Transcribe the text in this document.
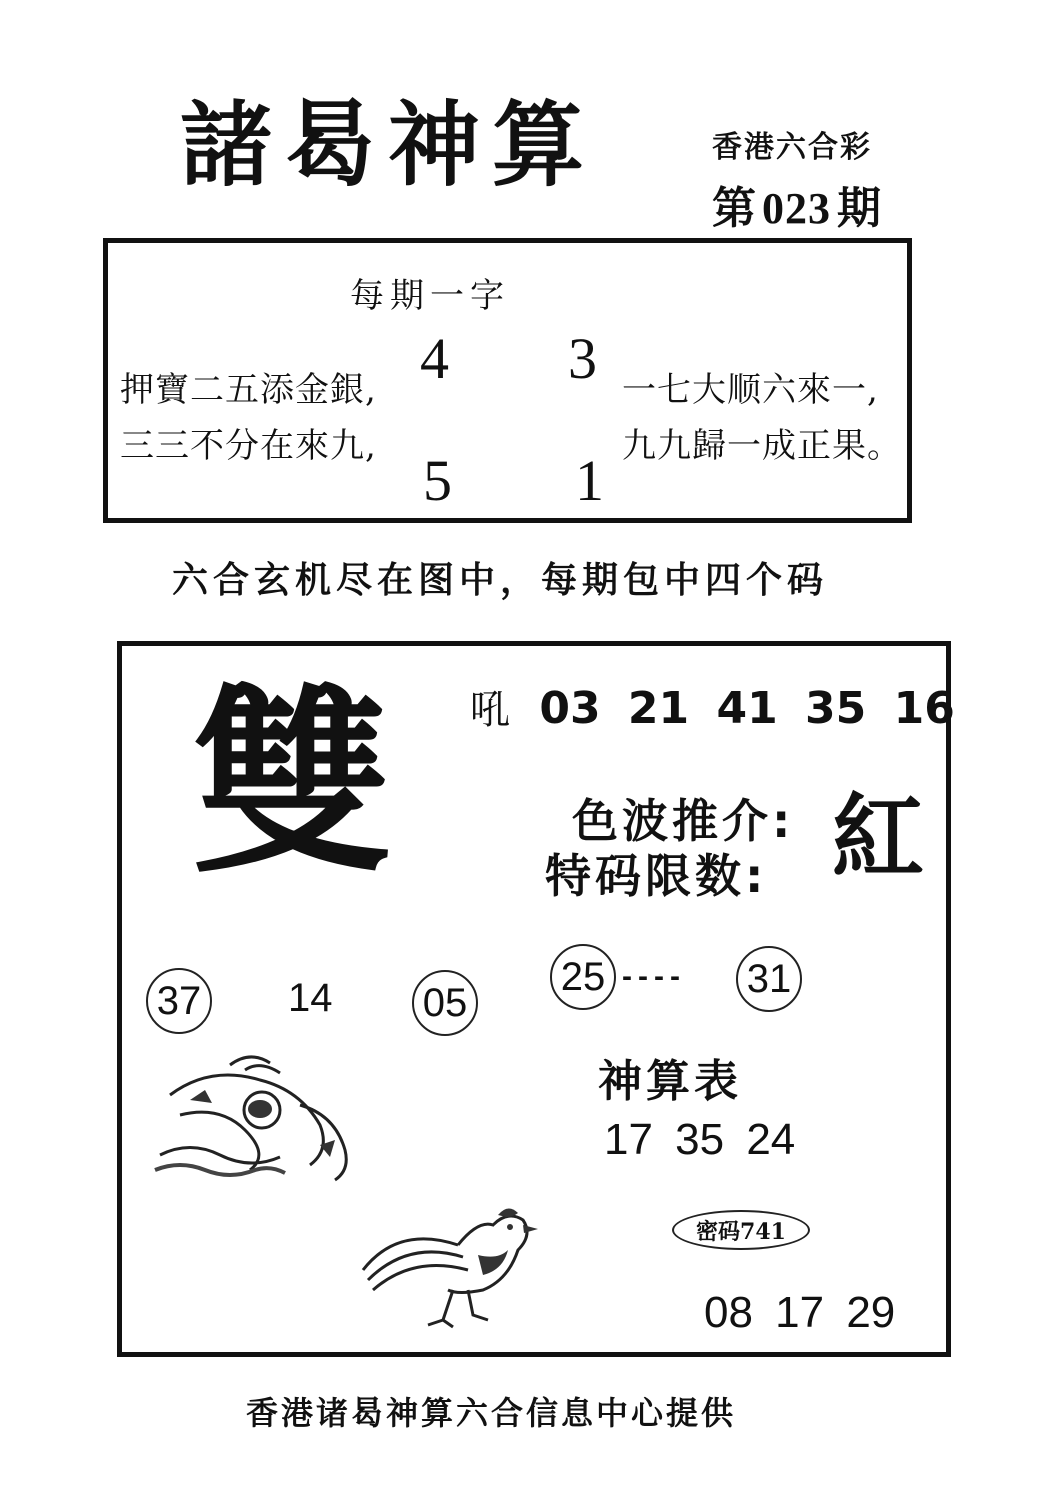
諸曷神算	香港六合彩
第 023 期
每期一字
4 3
5 1
押寶二五添金銀,
三三不分在來九,
一七大顺六來一,
九九歸一成正果。
六合玄机尽在图中，每期包中四个码
雙 吼 03 21 41 35 16
色波推介:
特码限数: 紅
37 14 05
25 ---- 31
神算表
17 35 24
密码741
08 17 29
香港诸曷神算六合信息中心提供
